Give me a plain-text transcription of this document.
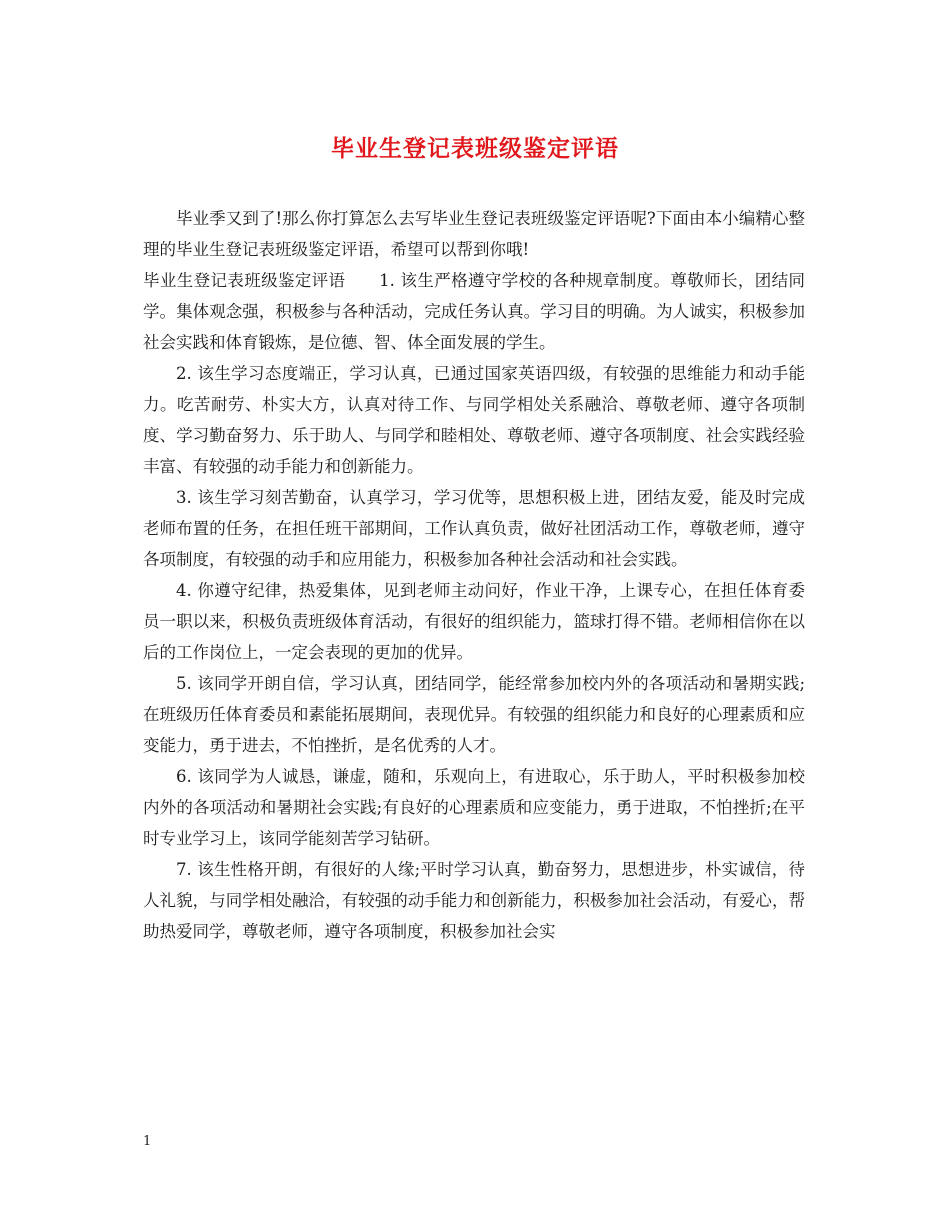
毕业生登记表班级鉴定评语

毕业季又到了!那么你打算怎么去写毕业生登记表班级鉴定评语呢?下面由本小编精心整理的毕业生登记表班级鉴定评语，希望可以帮到你哦!

毕业生登记表班级鉴定评语　　1. 该生严格遵守学校的各种规章制度。尊敬师长，团结同学。集体观念强，积极参与各种活动，完成任务认真。学习目的明确。为人诚实，积极参加社会实践和体育锻炼，是位德、智、体全面发展的学生。

2. 该生学习态度端正，学习认真，已通过国家英语四级，有较强的思维能力和动手能力。吃苦耐劳、朴实大方，认真对待工作、与同学相处关系融洽、尊敬老师、遵守各项制度、学习勤奋努力、乐于助人、与同学和睦相处、尊敬老师、遵守各项制度、社会实践经验丰富、有较强的动手能力和创新能力。

3. 该生学习刻苦勤奋，认真学习，学习优等，思想积极上进，团结友爱，能及时完成老师布置的任务，在担任班干部期间，工作认真负责，做好社团活动工作，尊敬老师，遵守各项制度，有较强的动手和应用能力，积极参加各种社会活动和社会实践。

4. 你遵守纪律，热爱集体，见到老师主动问好，作业干净，上课专心，在担任体育委员一职以来，积极负责班级体育活动，有很好的组织能力，篮球打得不错。老师相信你在以后的工作岗位上，一定会表现的更加的优异。

5. 该同学开朗自信，学习认真，团结同学，能经常参加校内外的各项活动和暑期实践;在班级历任体育委员和素能拓展期间，表现优异。有较强的组织能力和良好的心理素质和应变能力，勇于进去，不怕挫折，是名优秀的人才。

6. 该同学为人诚恳，谦虚，随和，乐观向上，有进取心，乐于助人，平时积极参加校内外的各项活动和暑期社会实践;有良好的心理素质和应变能力，勇于进取，不怕挫折;在平时专业学习上，该同学能刻苦学习钻研。

7. 该生性格开朗，有很好的人缘;平时学习认真，勤奋努力，思想进步，朴实诚信，待人礼貌，与同学相处融洽，有较强的动手能力和创新能力，积极参加社会活动，有爱心，帮助热爱同学，尊敬老师，遵守各项制度，积极参加社会实

1
